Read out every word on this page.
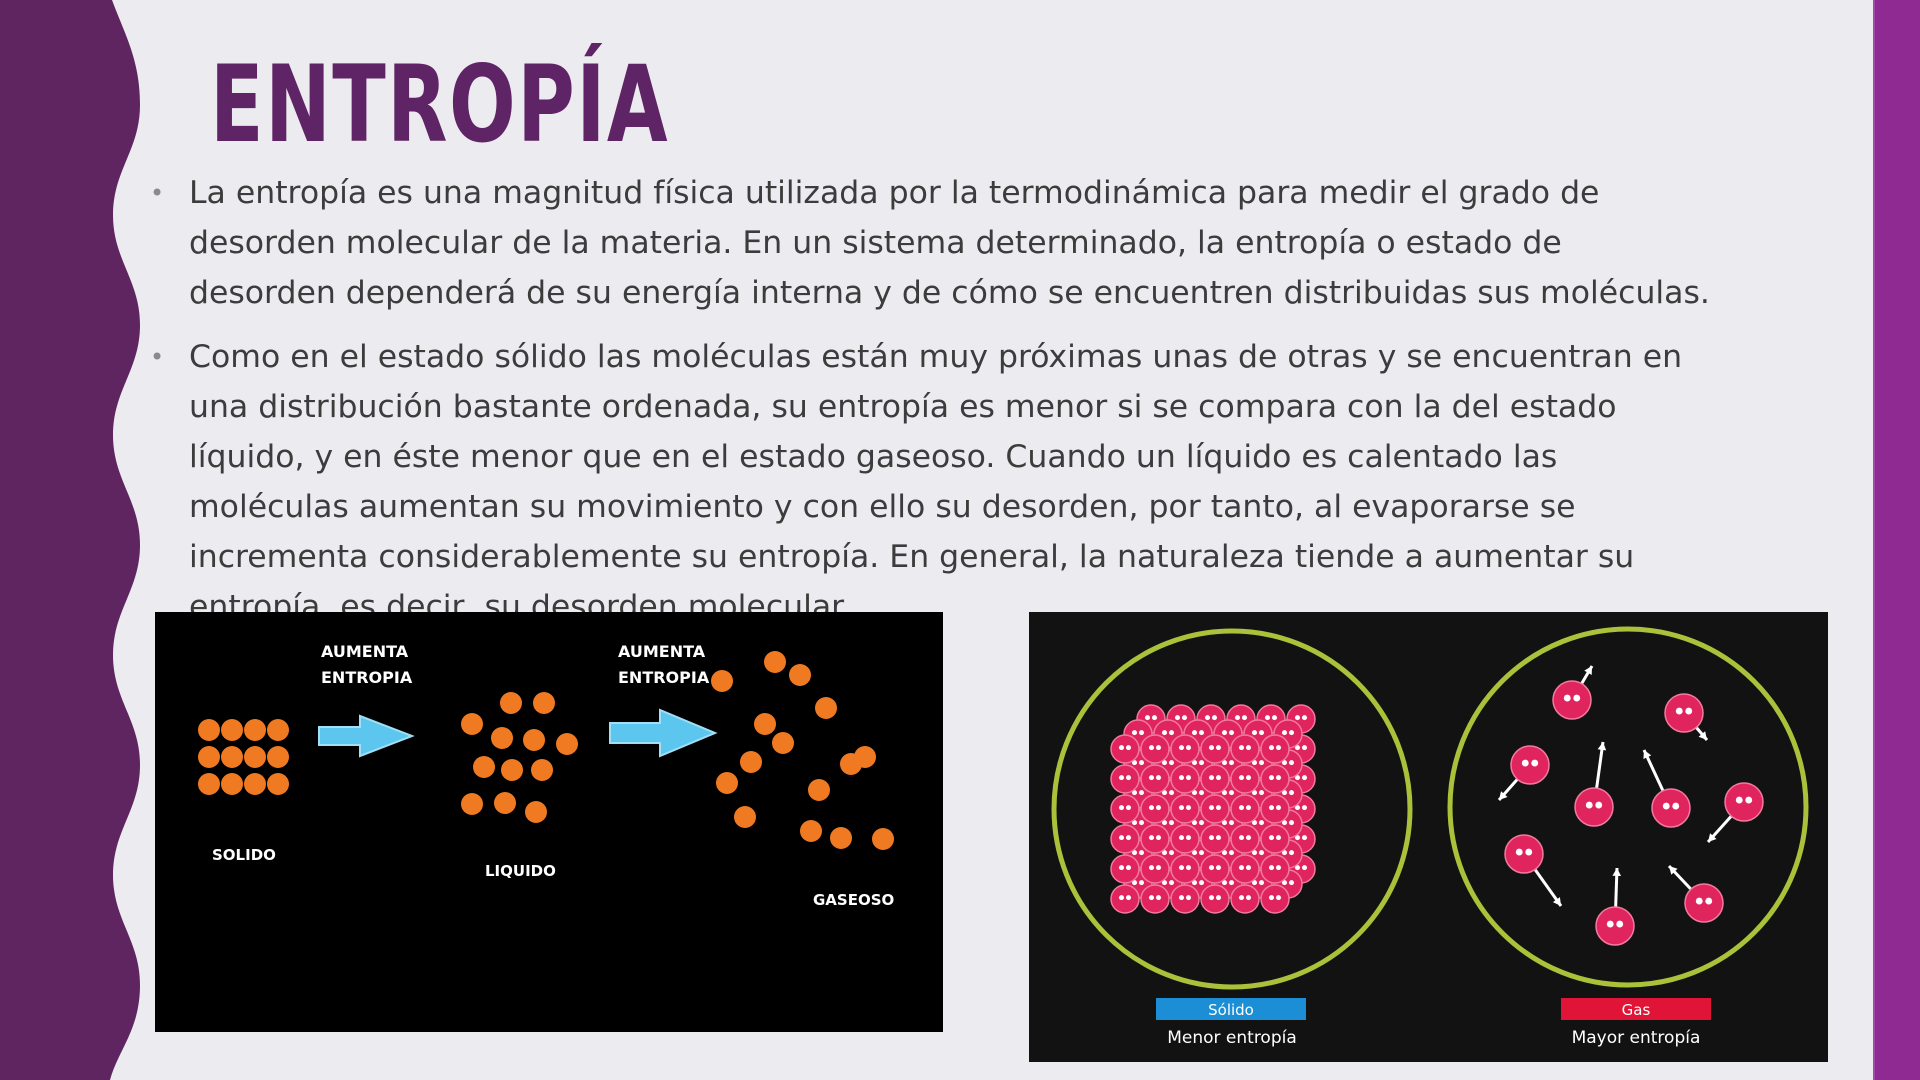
ENTROPÍA
• La entropía es una magnitud física utilizada por la termodinámica para medir el grado de desorden molecular de la materia. En un sistema determinado, la entropía o estado de desorden dependerá de su energía interna y de cómo se encuentren distribuidas sus moléculas.
• Como en el estado sólido las moléculas están muy próximas unas de otras y se encuentran en una distribución bastante ordenada, su entropía es menor si se compara con la del estado líquido, y en éste menor que en el estado gaseoso. Cuando un líquido es calentado las moléculas aumentan su movimiento y con ello su desorden, por tanto, al evaporarse se incrementa considerablemente su entropía. En general, la naturaleza tiende a aumentar su entropía, es decir, su desorden molecular.
AUMENTA
ENTROPIA
AUMENTA
ENTROPIA
SOLIDO
LIQUIDO
GASEOSO
Sólido
Menor entropía
Gas
Mayor entropía
